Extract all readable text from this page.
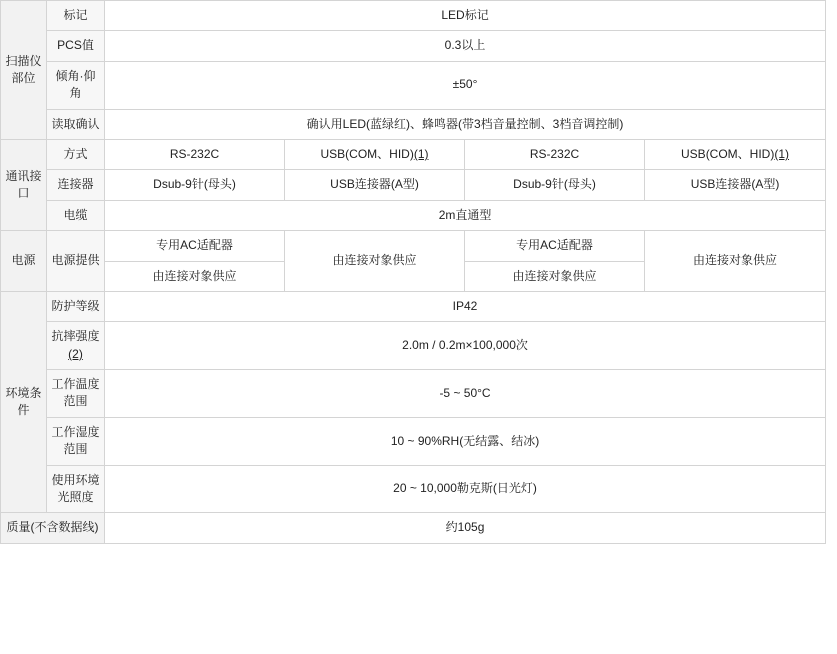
扫描仪部位	标记	LED标记			
	PCS值	0.3以上			
	倾角·仰角	±50°			
	读取确认	确认用LED(蓝绿红)、蜂鸣器(带3档音量控制、3档音调控制)			
通讯接口	方式	RS-232C	USB(COM、HID)(1)	RS-232C	USB(COM、HID)(1)
	连接器	Dsub-9针(母头)	USB连接器(A型)	Dsub-9针(母头)	USB连接器(A型)
	电缆	2m直通型			
电源	电源提供	专用AC适配器	由连接对象供应	专用AC适配器	由连接对象供应
		由连接对象供应		由连接对象供应	
环境条件	防护等级	IP42			
	抗摔强度(2)	2.0m / 0.2m×100,000次			
	工作温度范围	-5 ~ 50°C			
	工作湿度范围	10 ~ 90%RH(无结露、结冰)			
	使用环境光照度	20 ~ 10,000勒克斯(日光灯)			
质量(不含数据线)		约105g			
